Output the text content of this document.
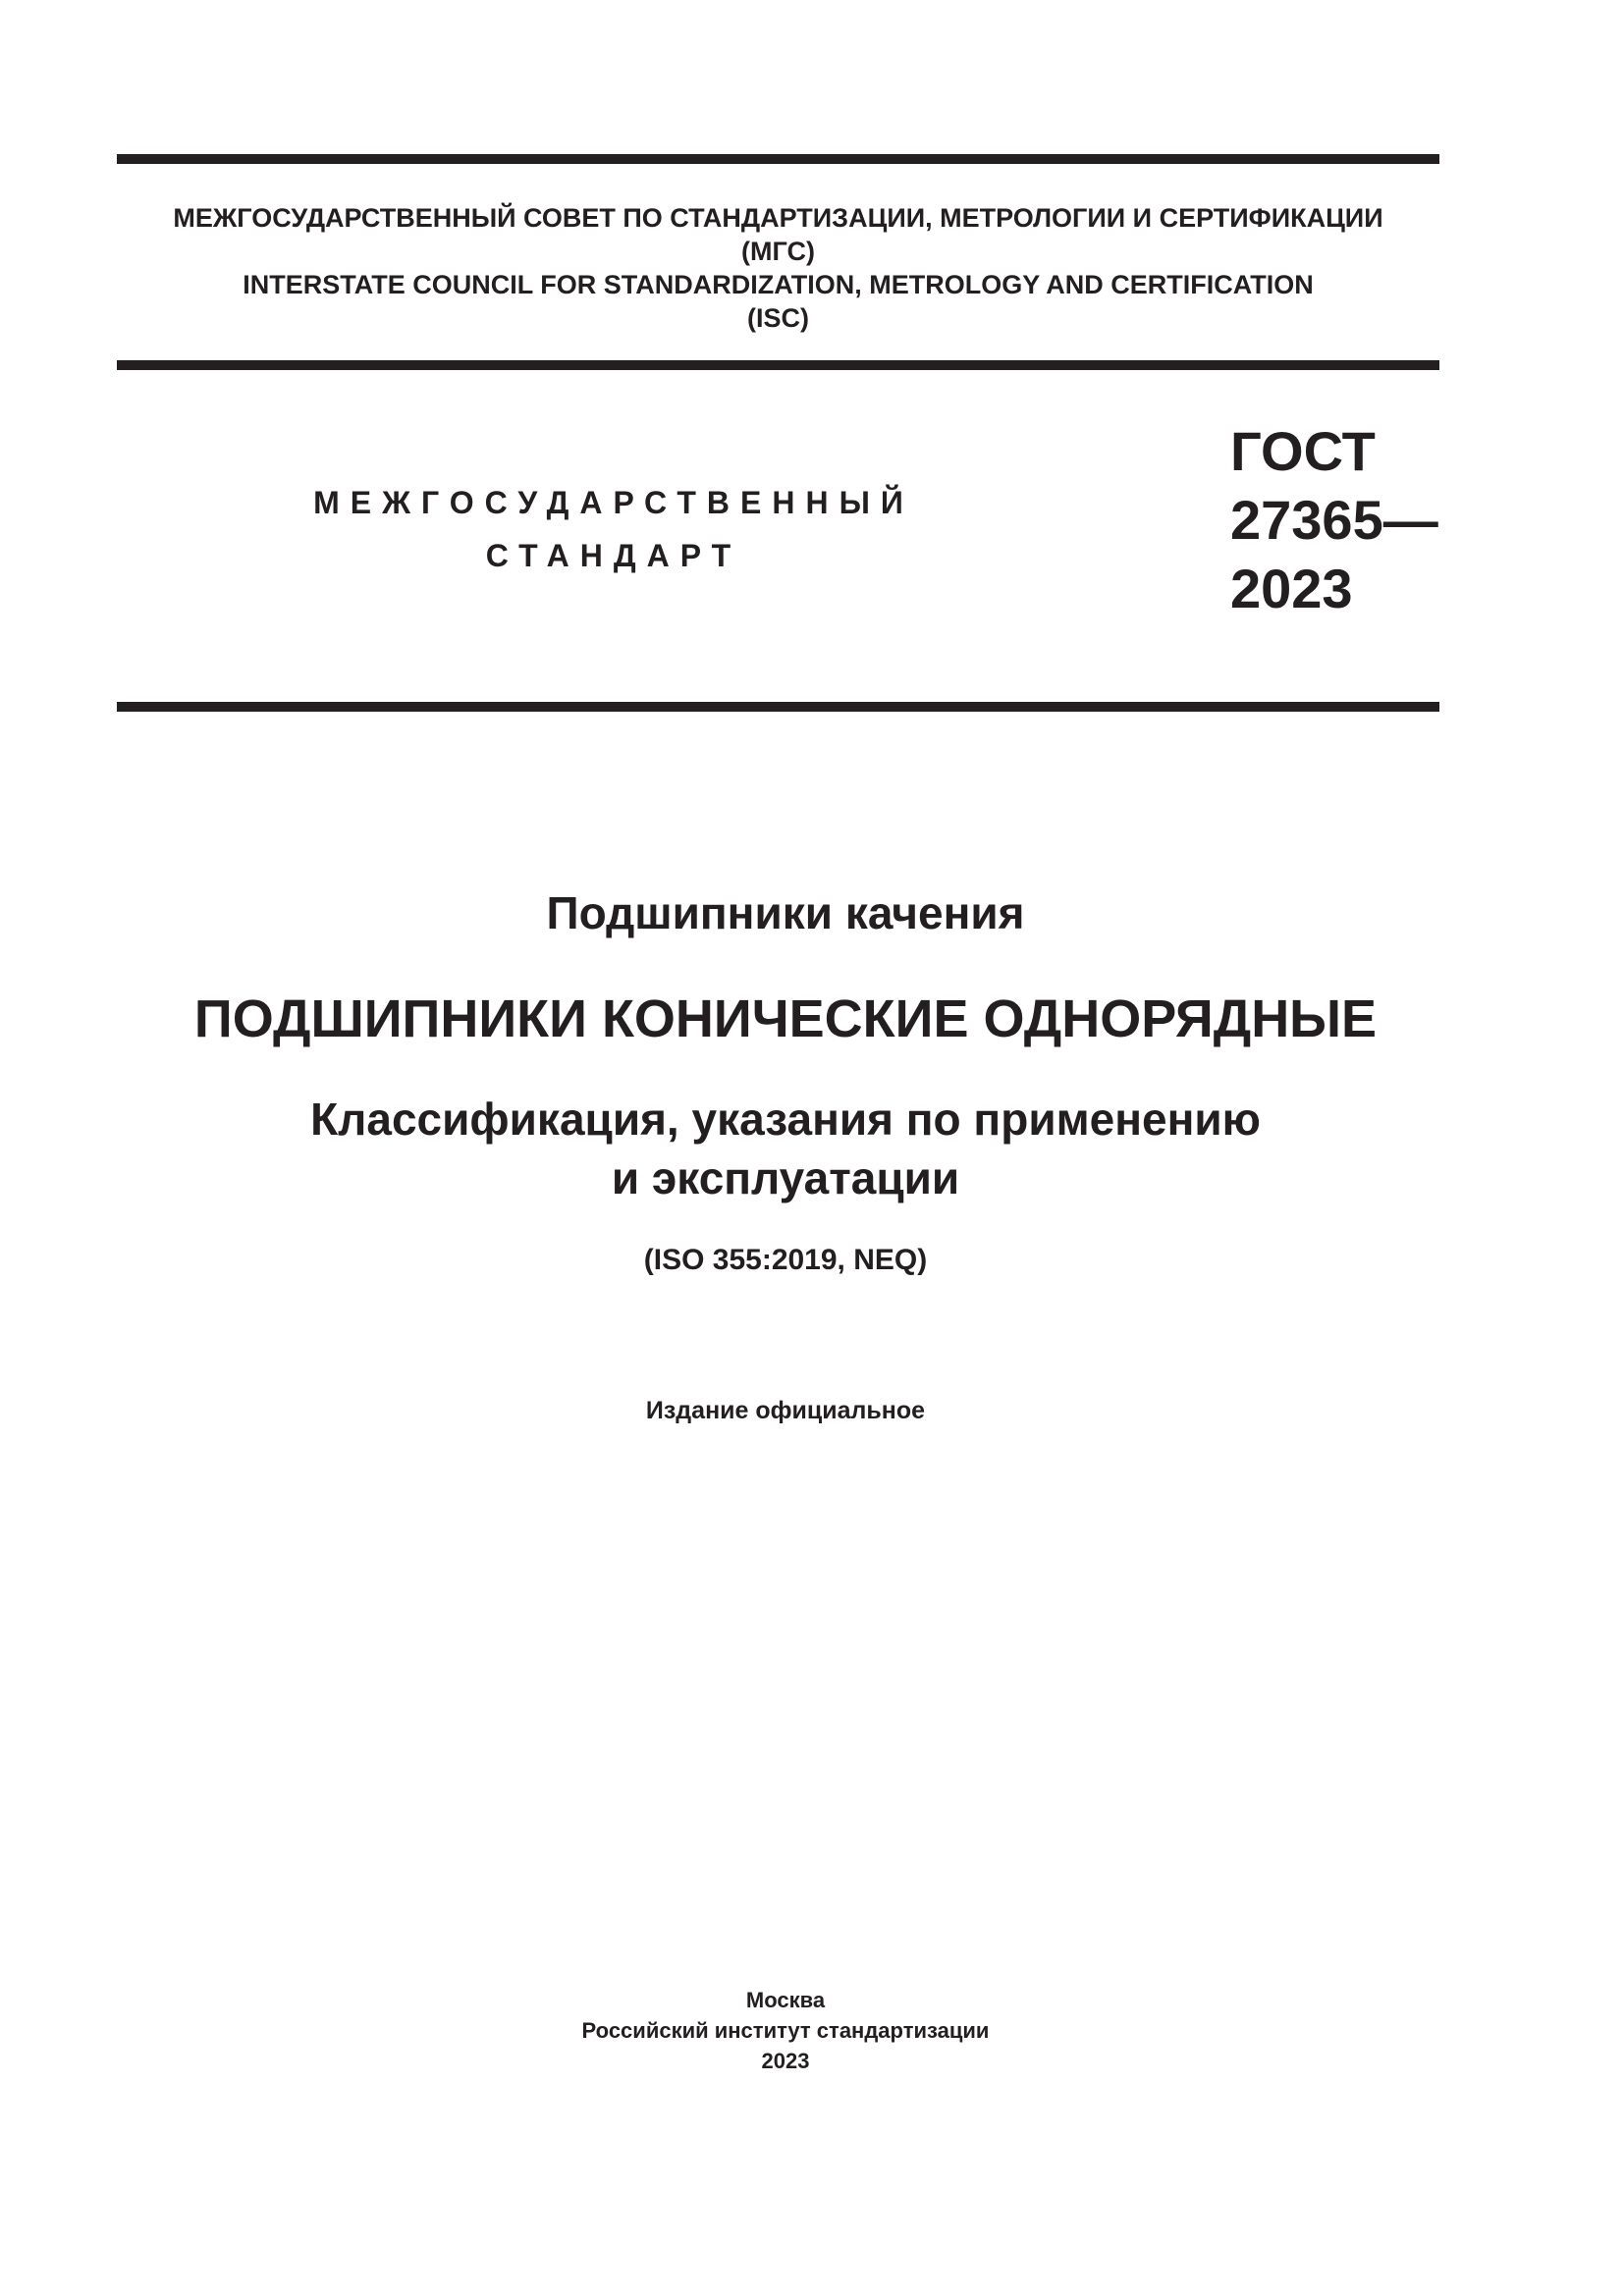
МЕЖГОСУДАРСТВЕННЫЙ СОВЕТ ПО СТАНДАРТИЗАЦИИ, МЕТРОЛОГИИ И СЕРТИФИКАЦИИ
(МГС)
INTERSTATE COUNCIL FOR STANDARDIZATION, METROLOGY AND CERTIFICATION
(ISC)
МЕЖГОСУДАРСТВЕННЫЙ
СТАНДАРТ
ГОСТ
27365—
2023
Подшипники качения
ПОДШИПНИКИ КОНИЧЕСКИЕ ОДНОРЯДНЫЕ
Классификация, указания по применению
и эксплуатации
(ISO 355:2019, NEQ)
Издание официальное
Москва
Российский институт стандартизации
2023
